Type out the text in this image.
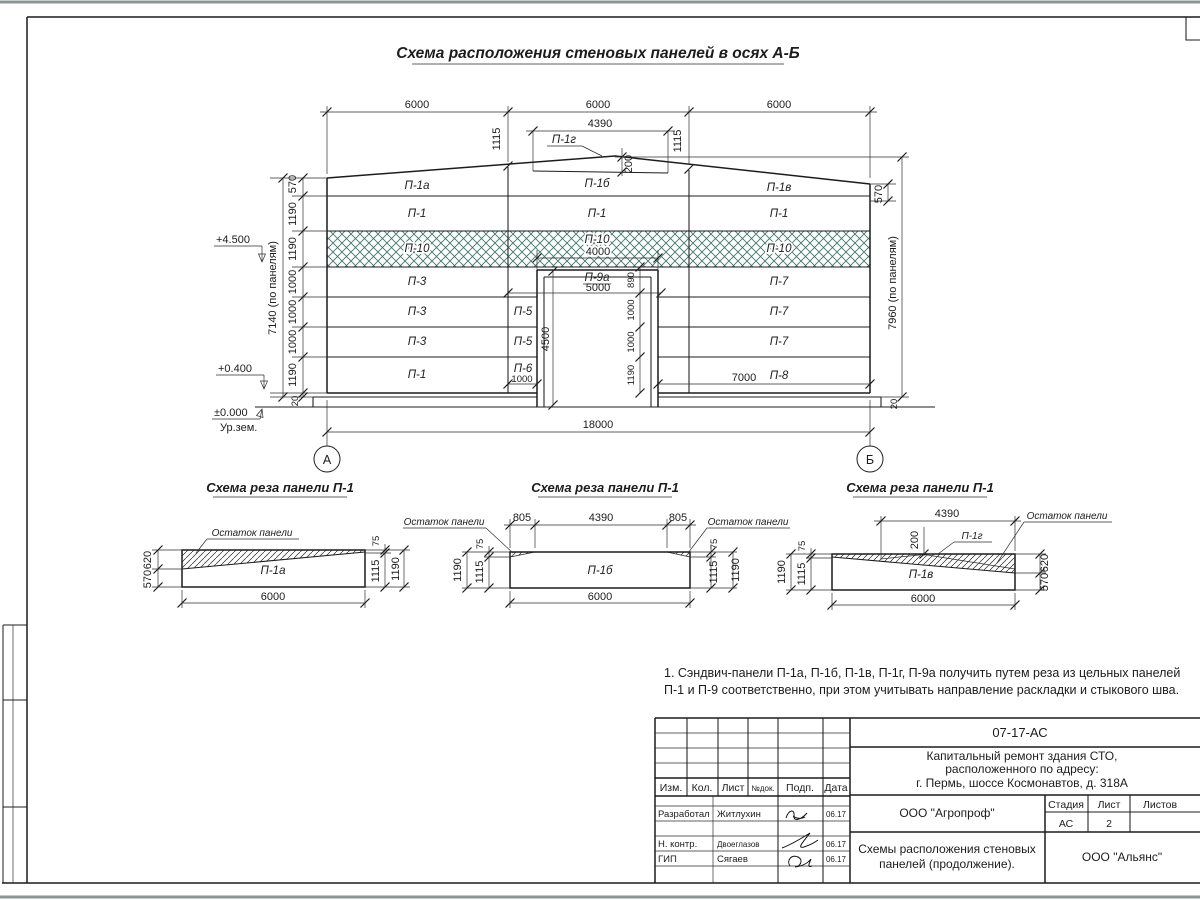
Схема расположения стеновых панелей в осях А-Б
6000	6000	6000
4390
П-1г
200
1115	1115
П-1а	П-1б	П-1в
П-1	П-1	П-1
П-10
П-10
П-10
4000
П-9а
5000
П-3
П-3
П-3
П-1
П-5
П-5
П-6
1000
П-7
П-7
П-7
П-8
7000
4500
890
1000
1000
1190
570
1190
1190
1000
1000
1000
1190
20
7140 (по панелям)
+4.500
+0.400
±0.000
Ур.зем.
570
7960 (по панелям)
20
18000
А	Б
Схема реза панели П-1
Остаток панели
П-1а
620
570
75
1115 1190
6000
Схема реза панели П-1
П-1б
805	4390	805
Остаток панели	Остаток панели
75
1115
1190
75
1115 1190
6000
Схема реза панели П-1
П-1в
4390
200	П-1г
Остаток панели
75
1115
1190	620
570
6000
1. Сэндвич-панели П-1а, П-1б, П-1в, П-1г, П-9а получить путем реза из цельных панелей
П-1 и П-9 соответственно, при этом учитывать направление раскладки и стыкового шва.
Изм. Кол. Лист №док. Подп. Дата
Разработал Житлухин	06.17
Н. контр. Двоеглазов	06.17
ГИП	Сягаев	06.17
07-17-АС
Капитальный ремонт здания СТО,
расположенного по адресу:
г. Пермь, шоссе Космонавтов, д. 318А
ООО "Агропроф"
Стадия Лист Листов
АС	2
Схемы расположения стеновых
панелей (продолжение).	ООО "Альянс"
